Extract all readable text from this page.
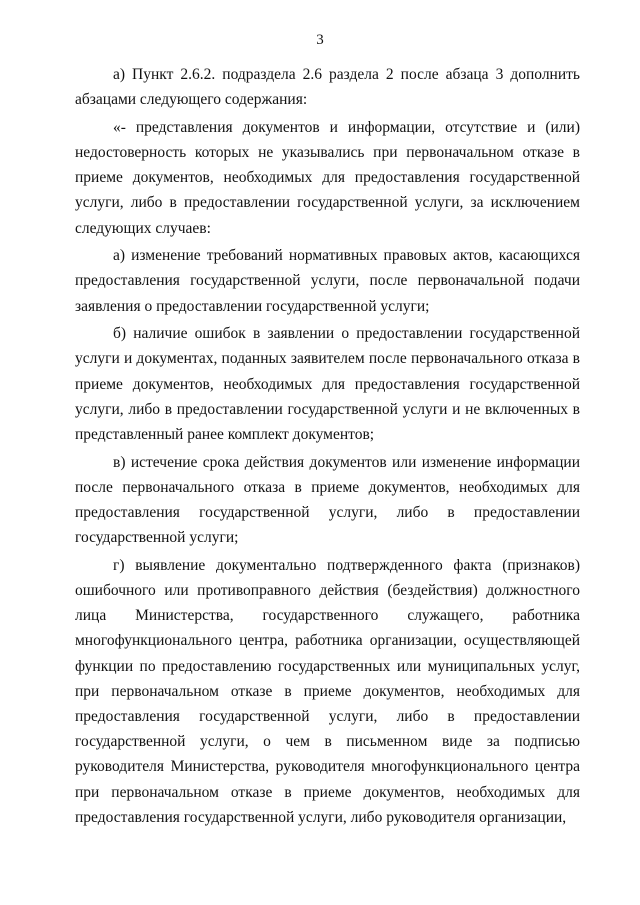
3

а) Пункт 2.6.2. подраздела 2.6 раздела 2 после абзаца 3 дополнить абзацами следующего содержания:

«- представления документов и информации, отсутствие и (или) недостоверность которых не указывались при первоначальном отказе в приеме документов, необходимых для предоставления государственной услуги, либо в предоставлении государственной услуги, за исключением следующих случаев:

а) изменение требований нормативных правовых актов, касающихся предоставления государственной услуги, после первоначальной подачи заявления о предоставлении государственной услуги;

б) наличие ошибок в заявлении о предоставлении государственной услуги и документах, поданных заявителем после первоначального отказа в приеме документов, необходимых для предоставления государственной услуги, либо в предоставлении государственной услуги и не включенных в представленный ранее комплект документов;

в) истечение срока действия документов или изменение информации после первоначального отказа в приеме документов, необходимых для предоставления государственной услуги, либо в предоставлении государственной услуги;

г) выявление документально подтвержденного факта (признаков) ошибочного или противоправного действия (бездействия) должностного лица Министерства, государственного служащего, работника многофункционального центра, работника организации, осуществляющей функции по предоставлению государственных или муниципальных услуг, при первоначальном отказе в приеме документов, необходимых для предоставления государственной услуги, либо в предоставлении государственной услуги, о чем в письменном виде за подписью руководителя Министерства, руководителя многофункционального центра при первоначальном отказе в приеме документов, необходимых для предоставления государственной услуги, либо руководителя организации,
